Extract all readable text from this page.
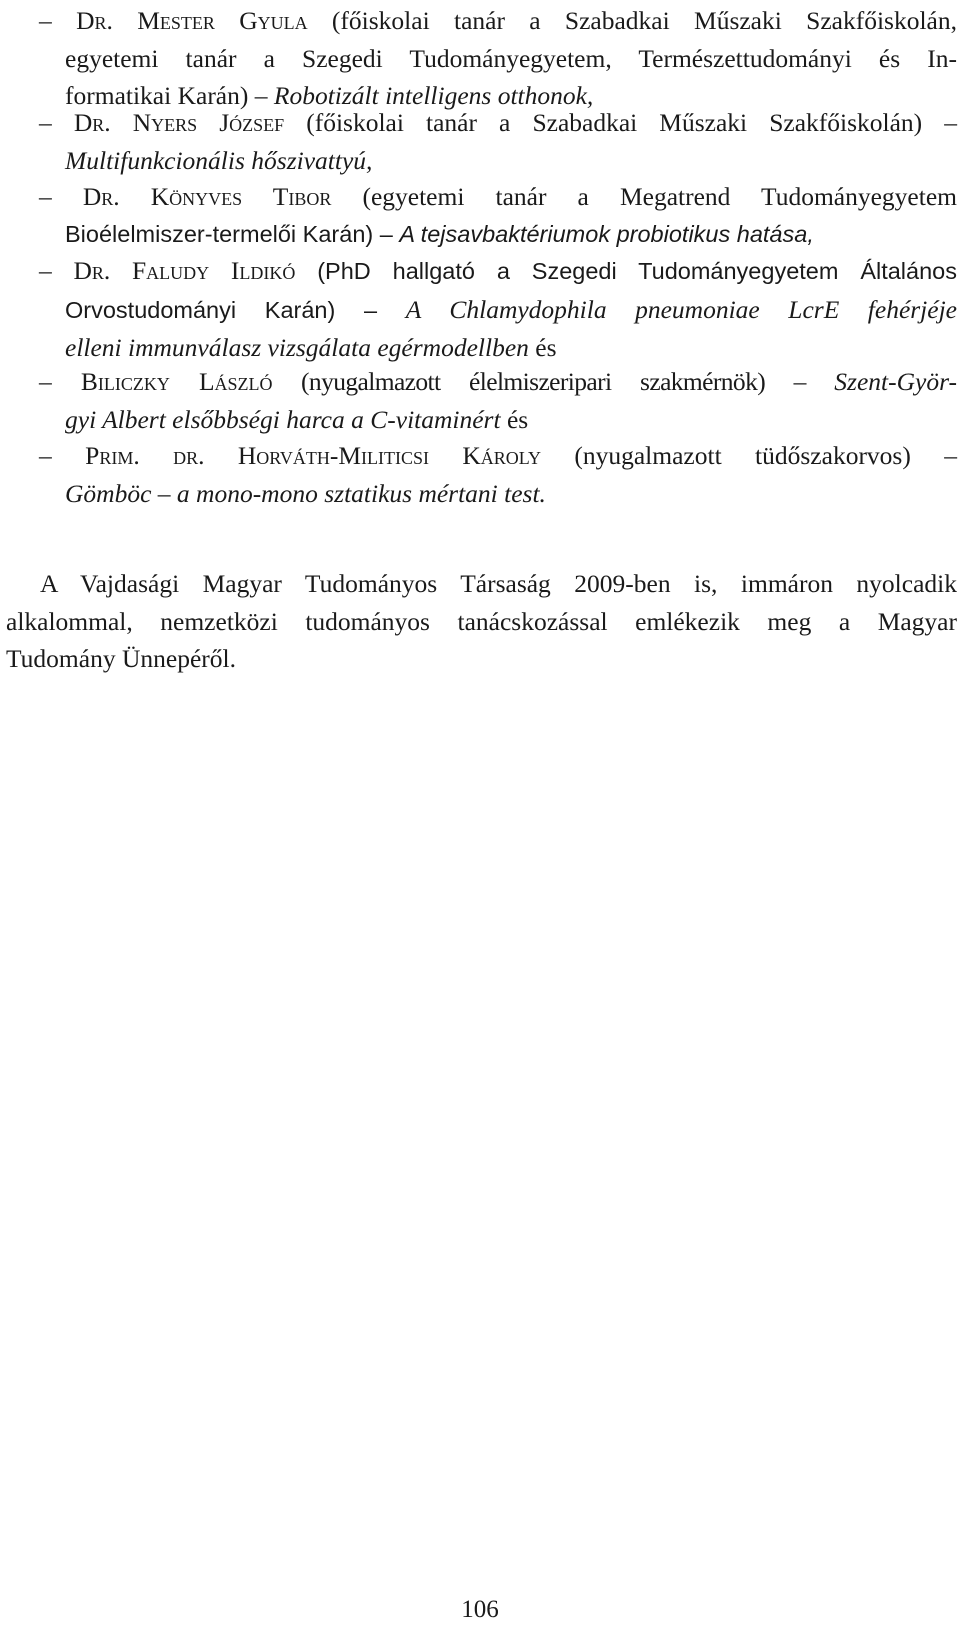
– Dr. Mester Gyula (főiskolai tanár a Szabadkai Műszaki Szakfőiskolán,
egyetemi tanár a Szegedi Tudományegyetem, Természettudományi és In-
formatikai Karán) – Robotizált intelligens otthonok,
– Dr. Nyers József (főiskolai tanár a Szabadkai Műszaki Szakfőiskolán) –
Multifunkcionális hőszivattyú,
– Dr. Könyves Tibor (egyetemi tanár a Megatrend Tudományegyetem
Bioélelmiszer-termelői Karán) – A tejsavbaktériumok probiotikus hatása,
– Dr. Faludy Ildikó (PhD hallgató a Szegedi Tudományegyetem Általános
Orvostudományi Karán) – A Chlamydophila pneumoniae LcrE fehérjéje
elleni immunválasz vizsgálata egérmodellben és
– Biliczky László (nyugalmazott élelmiszeripari szakmérnök) – Szent-Györ-
gyi Albert elsőbbségi harca a C-vitaminért és
– Prim. dr. Horváth-Militicsi Károly (nyugalmazott tüdőszakorvos) –
Gömböc – a mono-mono sztatikus mértani test.
A Vajdasági Magyar Tudományos Társaság 2009-ben is, immáron nyolcadik
alkalommal, nemzetközi tudományos tanácskozással emlékezik meg a Magyar
Tudomány Ünnepéről.
106
